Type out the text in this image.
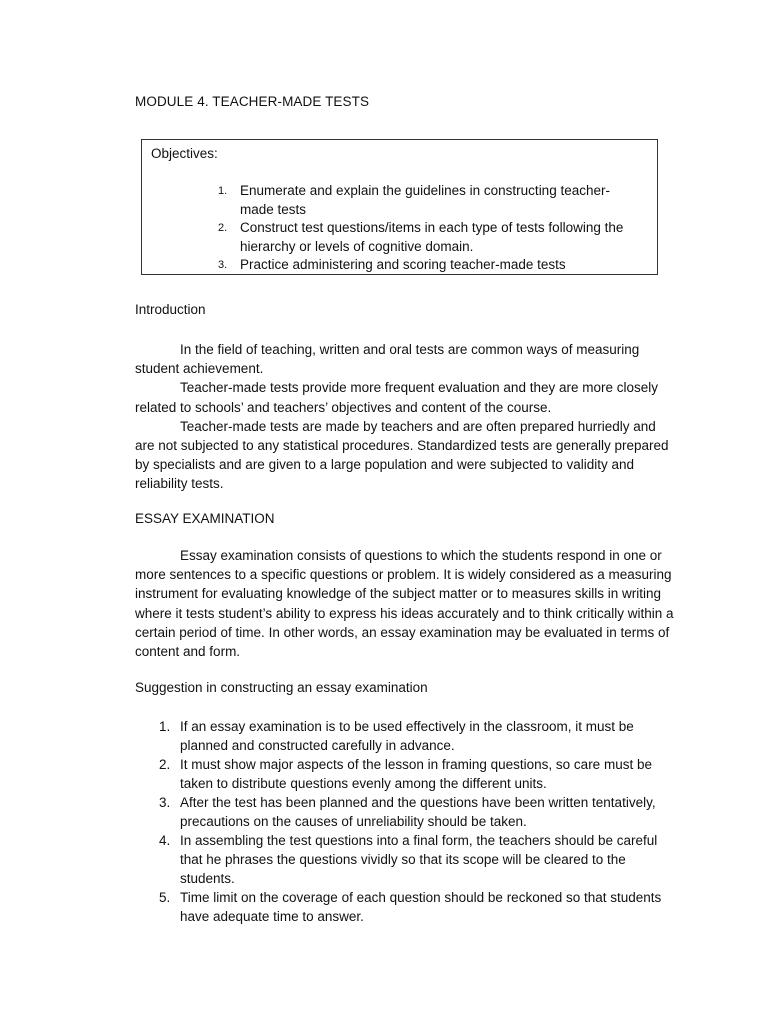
MODULE 4. TEACHER-MADE TESTS
Objectives:
1. Enumerate and explain the guidelines in constructing teacher-made tests
2. Construct test questions/items in each type of tests following the hierarchy or levels of cognitive domain.
3. Practice administering and scoring teacher-made tests
Introduction

In the field of teaching, written and oral tests are common ways of measuring student achievement.

Teacher-made tests provide more frequent evaluation and they are more closely related to schools’ and teachers’ objectives and content of the course.

Teacher-made tests are made by teachers and are often prepared hurriedly and are not subjected to any statistical procedures. Standardized tests are generally prepared by specialists and are given to a large population and were subjected to validity and reliability tests.

ESSAY EXAMINATION

Essay examination consists of questions to which the students respond in one or more sentences to a specific questions or problem. It is widely considered as a measuring instrument for evaluating knowledge of the subject matter or to measures skills in writing where it tests student’s ability to express his ideas accurately and to think critically within a certain period of time. In other words, an essay examination may be evaluated in terms of content and form.

Suggestion in constructing an essay examination
1. If an essay examination is to be used effectively in the classroom, it must be planned and constructed carefully in advance.
2. It must show major aspects of the lesson in framing questions, so care must be taken to distribute questions evenly among the different units.
3. After the test has been planned and the questions have been written tentatively, precautions on the causes of unreliability should be taken.
4. In assembling the test questions into a final form, the teachers should be careful that he phrases the questions vividly so that its scope will be cleared to the students.
5. Time limit on the coverage of each question should be reckoned so that students have adequate time to answer.
